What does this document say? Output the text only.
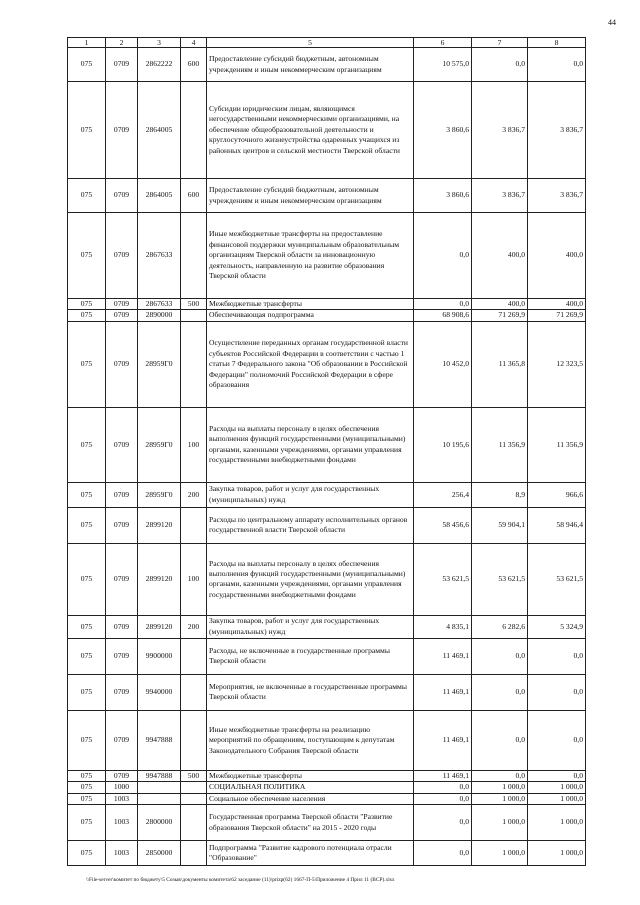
44
1	2	3	4	5	6	7	8
075	0709	2862222	600	Предоставление субсидий бюджетным, автономным учреждениям и иным некоммерческим организациям	10 575,0	0,0	0,0
075	0709	2864005		Субсидии юридическим лицам, являющимся негосударственными некоммерческими организациями, на обеспечение общеобразовательной деятельности и круглосуточного жизнеустройства одаренных учащихся из районных центров и сельской местности Тверской области	3 860,6	3 836,7	3 836,7
075	0709	2864005	600	Предоставление субсидий бюджетным, автономным учреждениям и иным некоммерческим организациям	3 860,6	3 836,7	3 836,7
075	0709	2867633		Иные межбюджетные трансферты на предоставление финансовой поддержки муниципальным образовательным организациям Тверской области за инновационную деятельность, направленную на развитие образования Тверской области	0,0	400,0	400,0
075	0709	2867633	500	Межбюджетные трансферты	0,0	400,0	400,0
075	0709	2890000		Обеспечивающая подпрограмма	68 908,6	71 269,9	71 269,9
075	0709	28959Г0		Осуществление переданных органам государственной власти субъектов Российской Федерации в соответствии с частью 1 статьи 7 Федерального закона "Об образовании в Российской Федерации" полномочий Российской Федерации в сфере образования	10 452,0	11 365,8	12 323,5
075	0709	28959Г0	100	Расходы на выплаты персоналу в целях обеспечения выполнения функций государственными (муниципальными) органами, казенными учреждениями, органами управления государственными внебюджетными фондами	10 195,6	11 356,9	11 356,9
075	0709	28959Г0	200	Закупка товаров, работ и услуг для государственных (муниципальных) нужд	256,4	8,9	966,6
075	0709	2899120		Расходы по центральному аппарату исполнительных органов государственной власти Тверской области	58 456,6	59 904,1	58 946,4
075	0709	2899120	100	Расходы на выплаты персоналу в целях обеспечения выполнения функций государственными (муниципальными) органами, казенными учреждениями, органами управления государственными внебюджетными фондами	53 621,5	53 621,5	53 621,5
075	0709	2899120	200	Закупка товаров, работ и услуг для государственных (муниципальных) нужд	4 835,1	6 282,6	5 324,9
075	0709	9900000		Расходы, не включенные в государственные программы Тверской области	11 469,1	0,0	0,0
075	0709	9940000		Мероприятия, не включенные в государственные программы Тверской области	11 469,1	0,0	0,0
075	0709	9947888		Иные межбюджетные трансферты на реализацию мероприятий по обращениям, поступающим к депутатам Законодательного Собрания Тверской области	11 469,1	0,0	0,0
075	0709	9947888	500	Межбюджетные трансферты	11 469,1	0,0	0,0
075	1000			СОЦИАЛЬНАЯ ПОЛИТИКА	0,0	1 000,0	1 000,0
075	1003			Социальное обеспечение населения	0,0	1 000,0	1 000,0
075	1003	2800000		Государственная программа Тверской области "Развитие образования Тверской области" на 2015 - 2020 годы	0,0	1 000,0	1 000,0
075	1003	2850000		Подпрограмма "Развитие кадрового потенциала отрасли "Образование"	0,0	1 000,0	1 000,0
\\File-server\комитет по бюджету\5 Созыв\документы комитета\62 заседание (11)\prizp(62) 1667-П-5\Приложение 4 Прил 11 (ВСР).xlsx
